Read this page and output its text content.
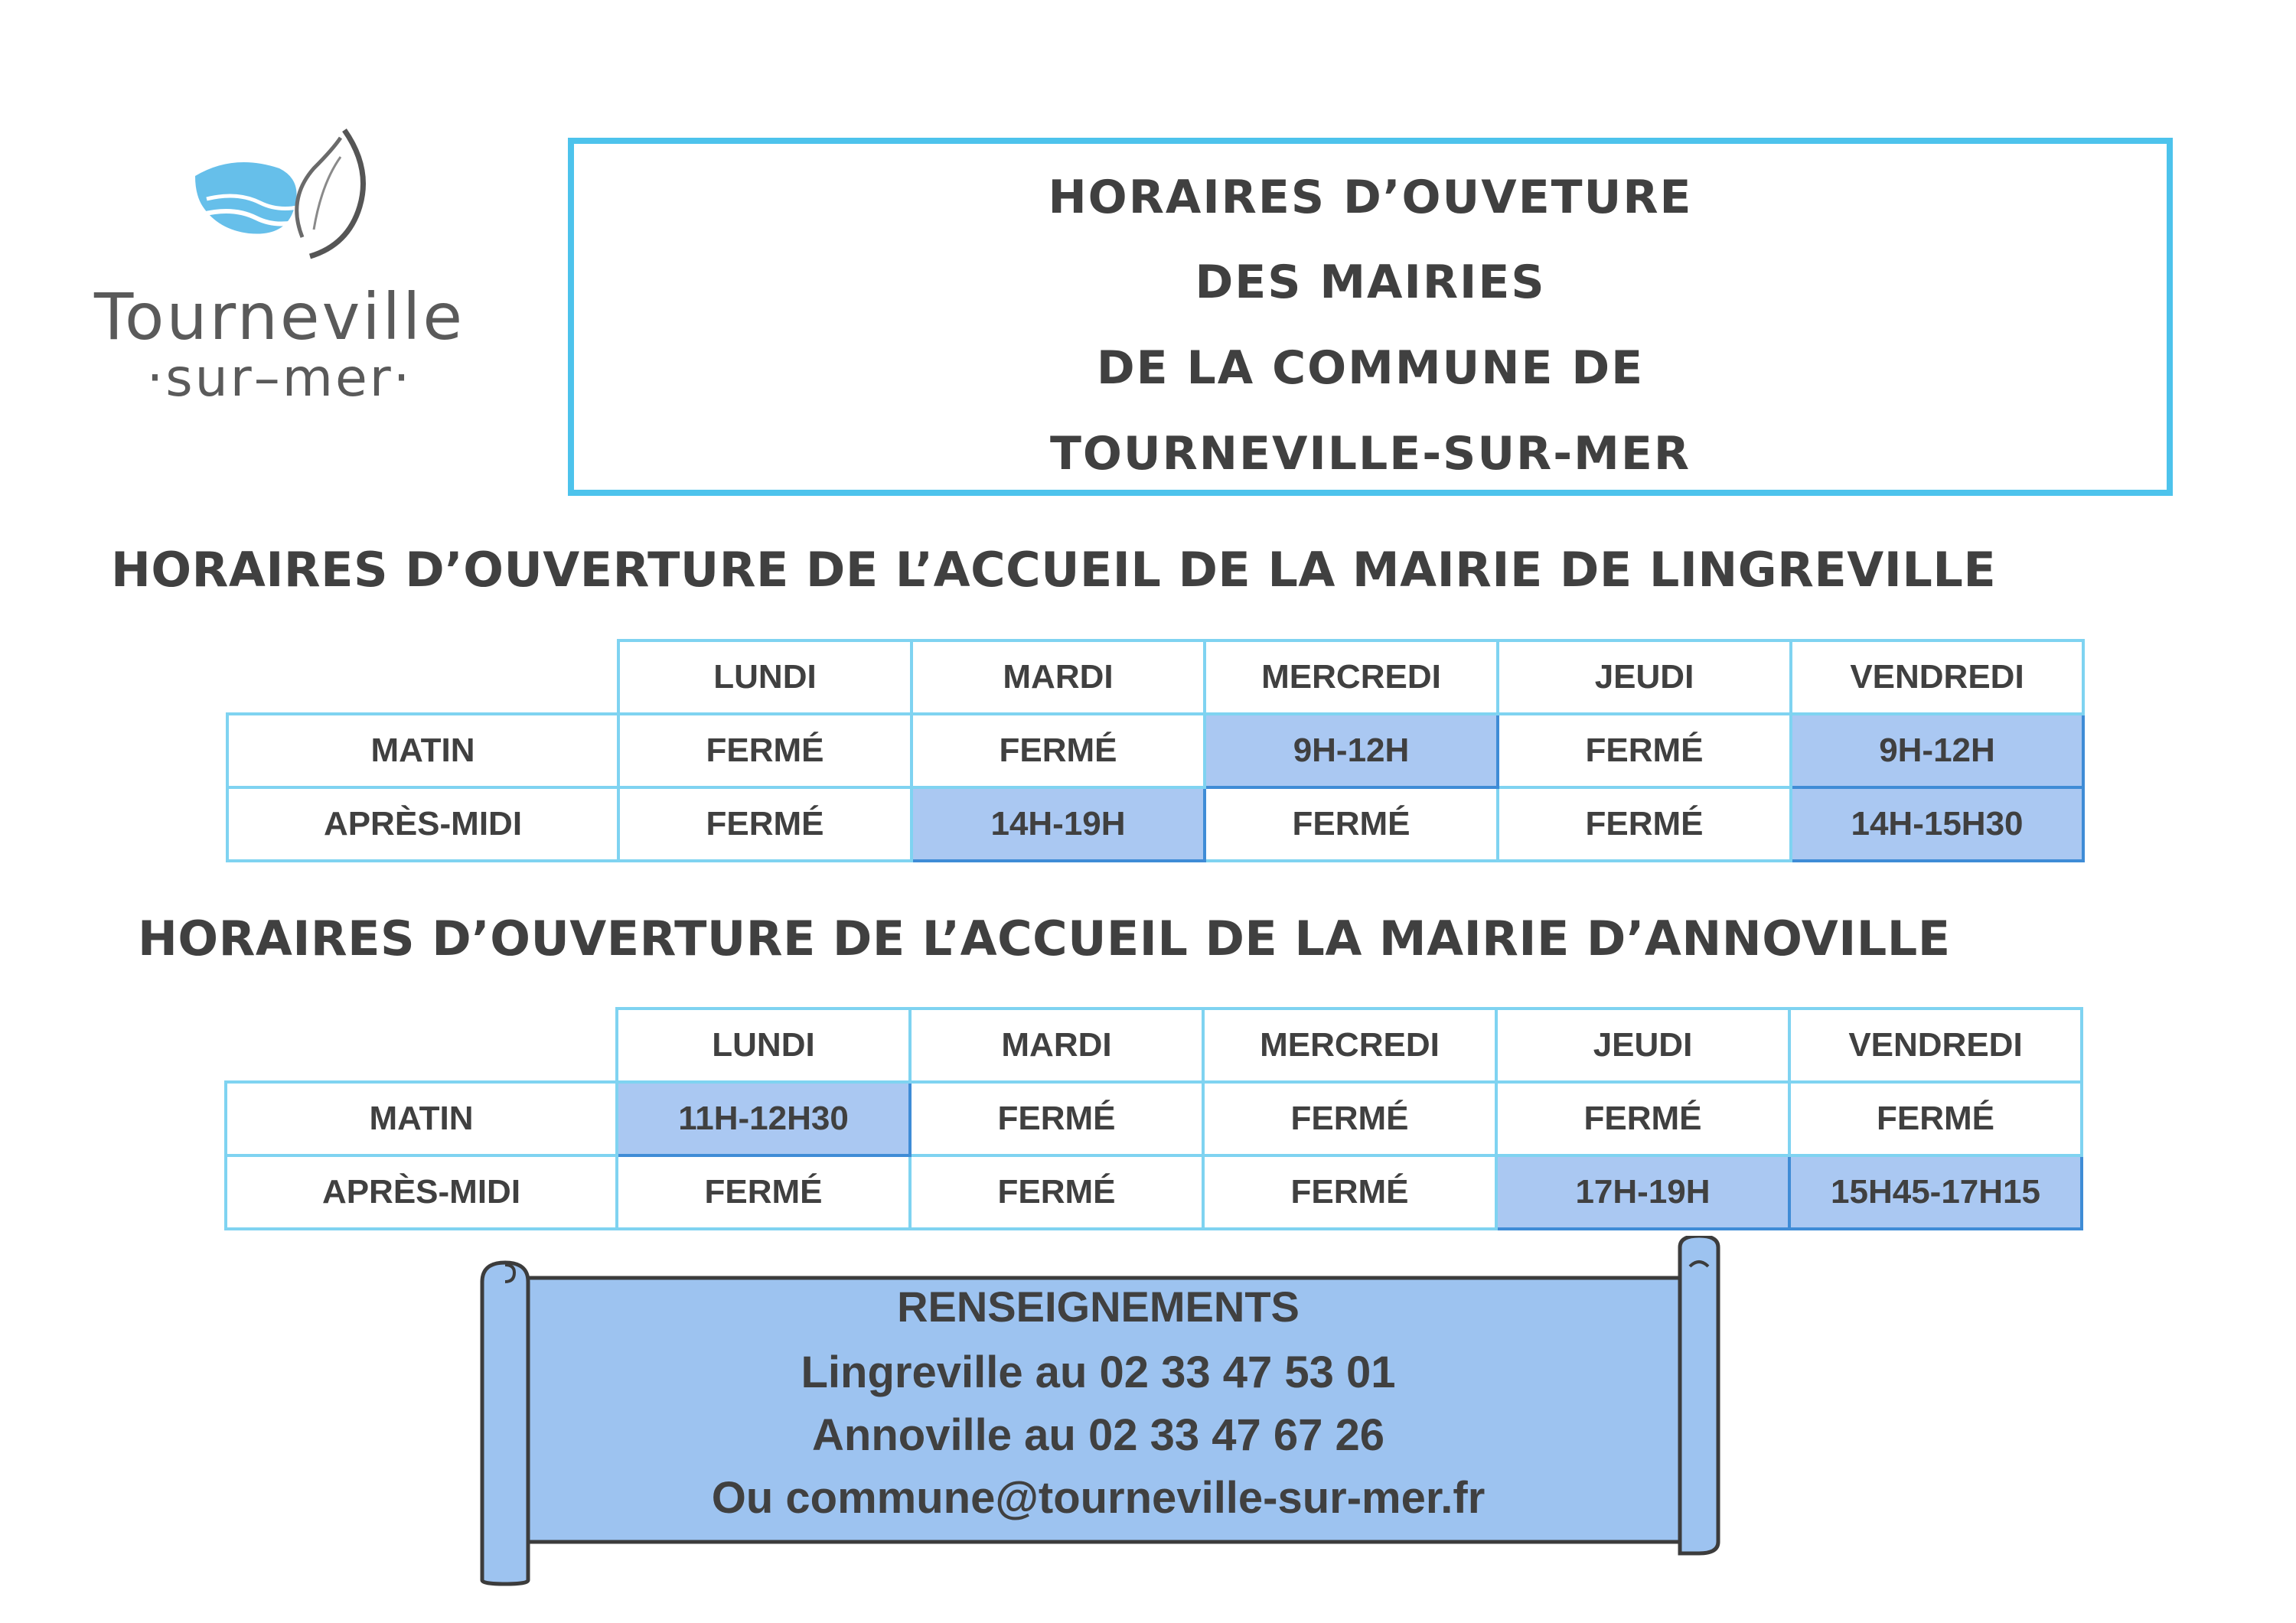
Tourneville
·sur–mer·
HORAIRES D’OUVETURE
DES MAIRIES
DE LA COMMUNE DE
TOURNEVILLE-SUR-MER
HORAIRES D’OUVERTURE DE L’ACCUEIL DE LA MAIRIE DE LINGREVILLE
	LUNDI	MARDI	MERCREDI	JEUDI	VENDREDI
MATIN	FERMÉ	FERMÉ	9H-12H	FERMÉ	9H-12H
APRÈS-MIDI	FERMÉ	14H-19H	FERMÉ	FERMÉ	14H-15H30
HORAIRES D’OUVERTURE DE L’ACCUEIL DE LA MAIRIE D’ANNOVILLE
	LUNDI	MARDI	MERCREDI	JEUDI	VENDREDI
MATIN	11H-12H30	FERMÉ	FERMÉ	FERMÉ	FERMÉ
APRÈS-MIDI	FERMÉ	FERMÉ	FERMÉ	17H-19H	15H45-17H15
RENSEIGNEMENTS
Lingreville au 02 33 47 53 01
Annoville au 02 33 47 67 26
Ou commune@tourneville-sur-mer.fr
